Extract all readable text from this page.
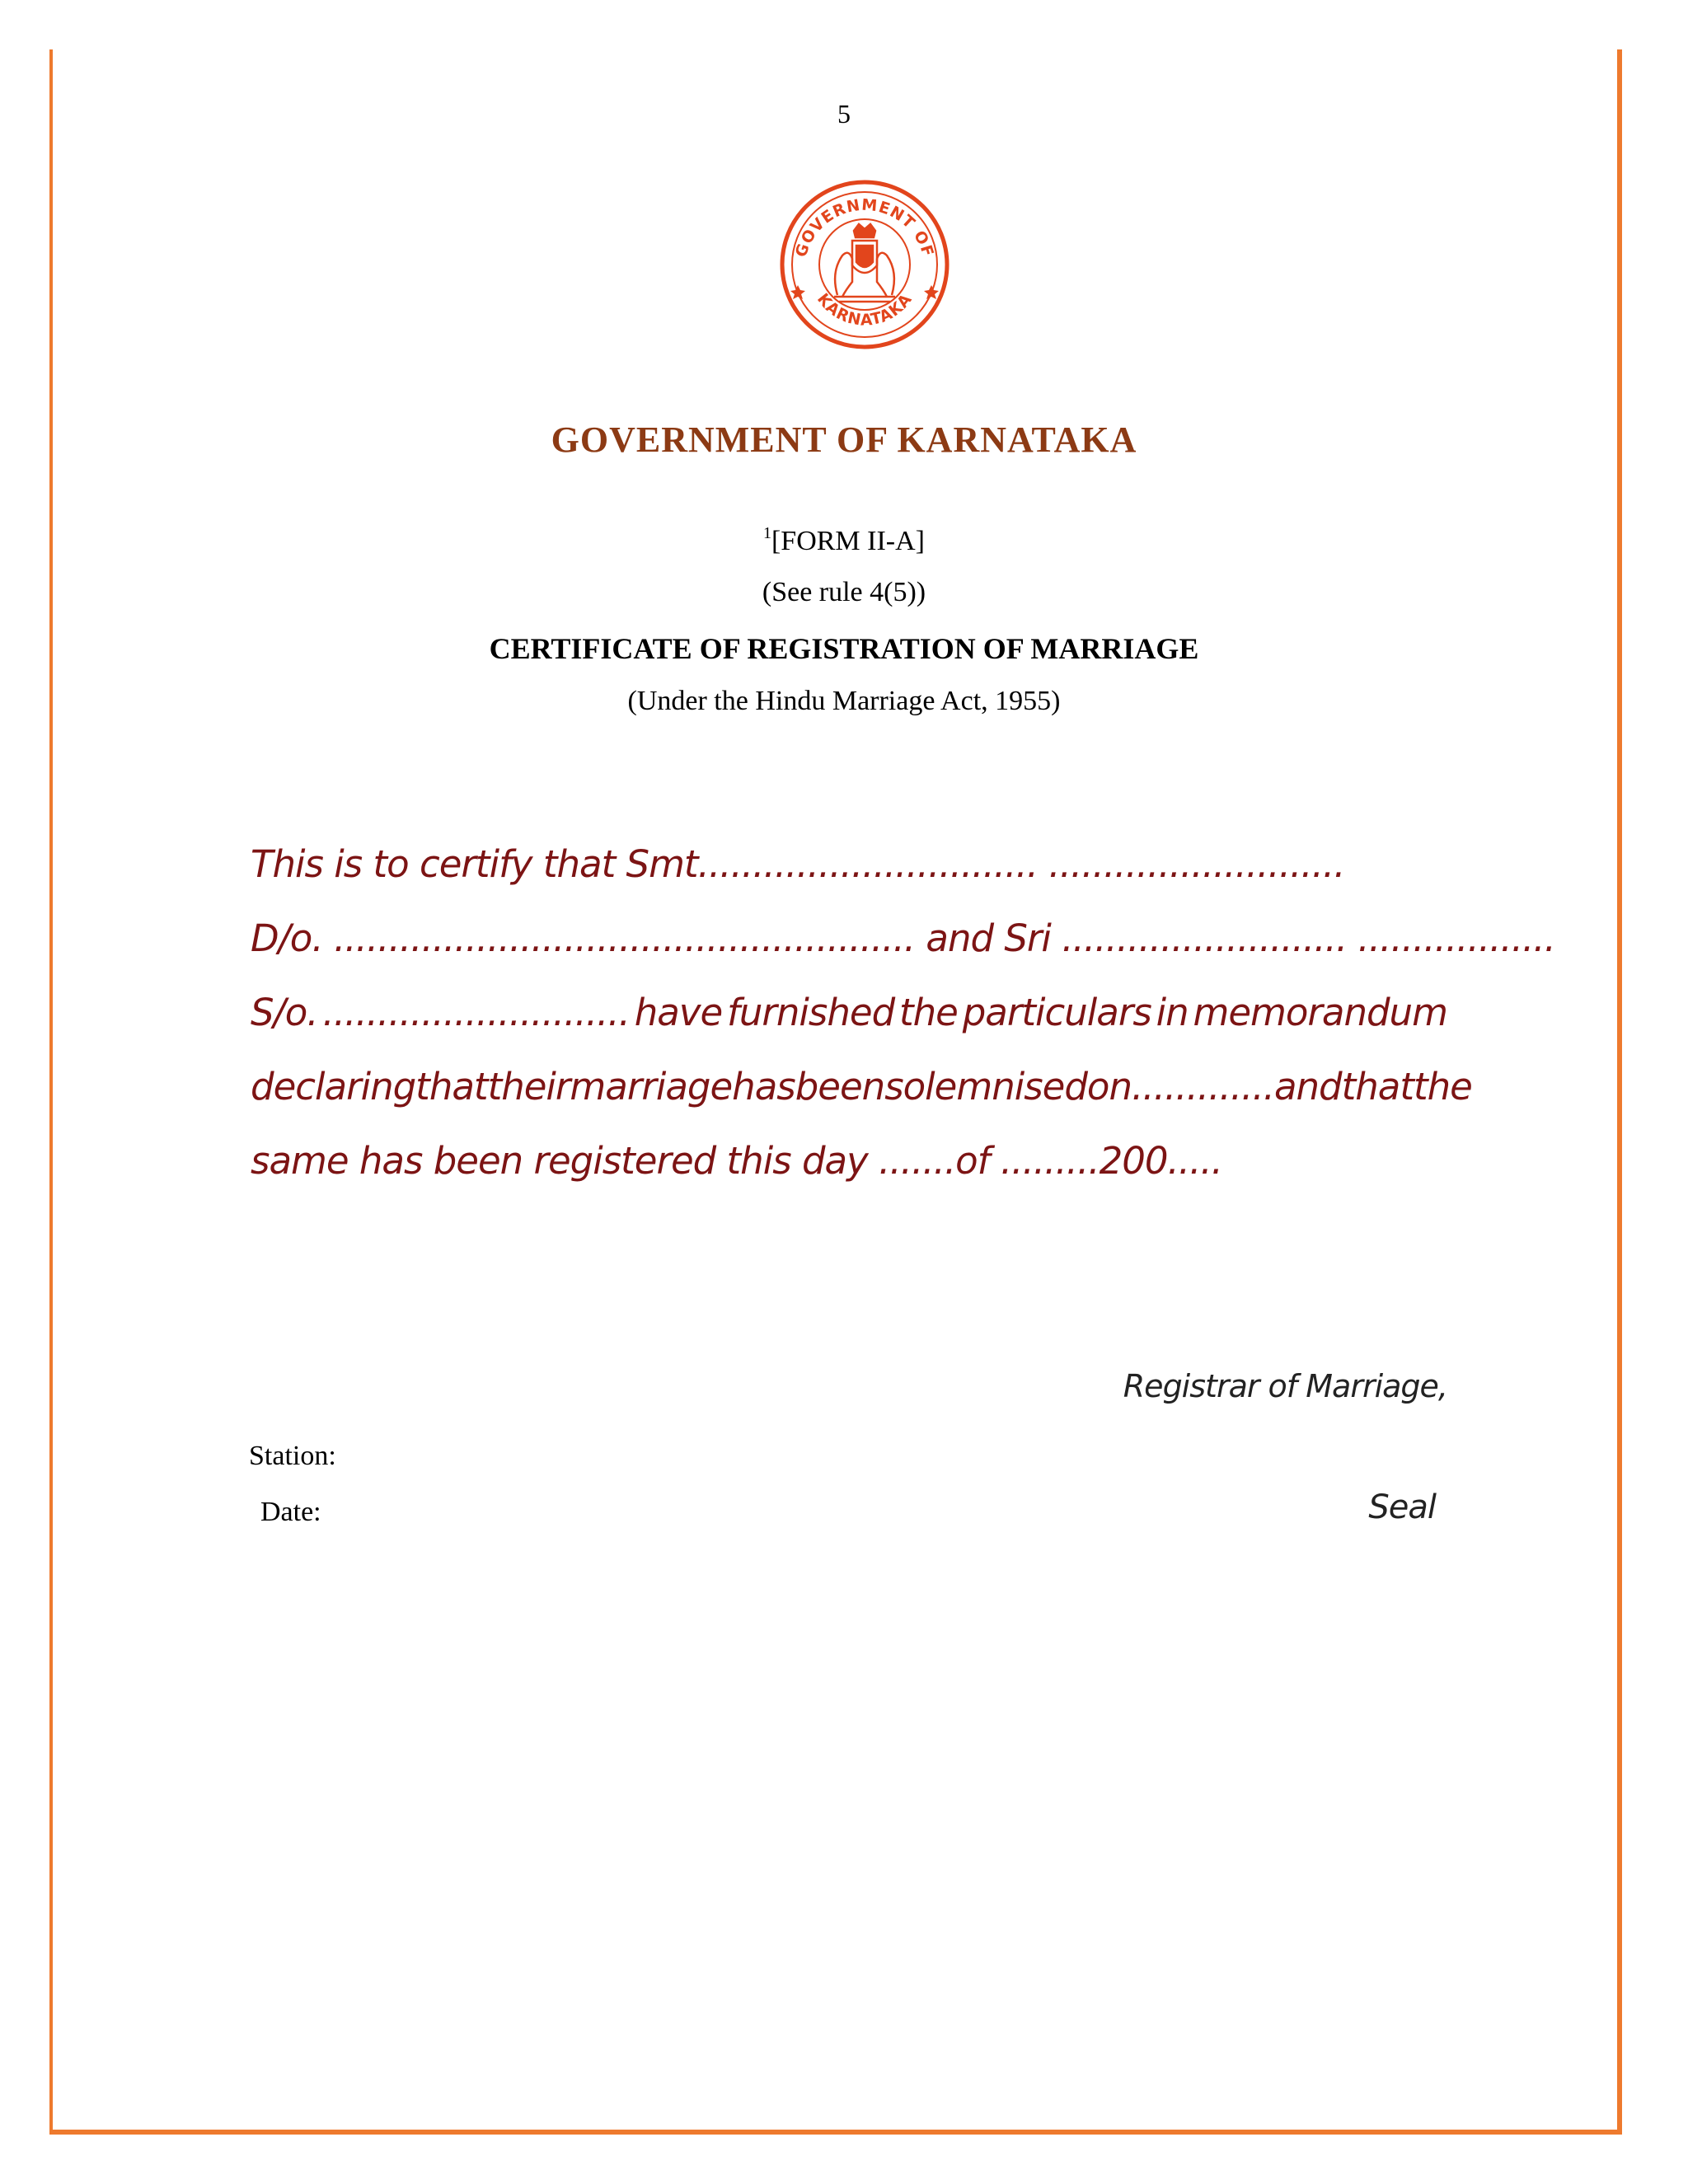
5
GOVERNMENT OF
KARNATAKA
GOVERNMENT OF KARNATAKA
$^1$[FORM II-A]
(See rule 4(5))
CERTIFICATE OF REGISTRATION OF MARRIAGE
(Under the Hindu Marriage Act, 1955)
This is to certify that Smt............................... ...........................
D/o. ..................................................... and Sri .......................... ..................
S/o. ............................ have furnished the particulars in memorandum
declaring that their marriage has been solemnised on ............. and that the
same has been registered this day .......of .........200.....
Registrar of Marriage,
Station:
Date:	Seal
